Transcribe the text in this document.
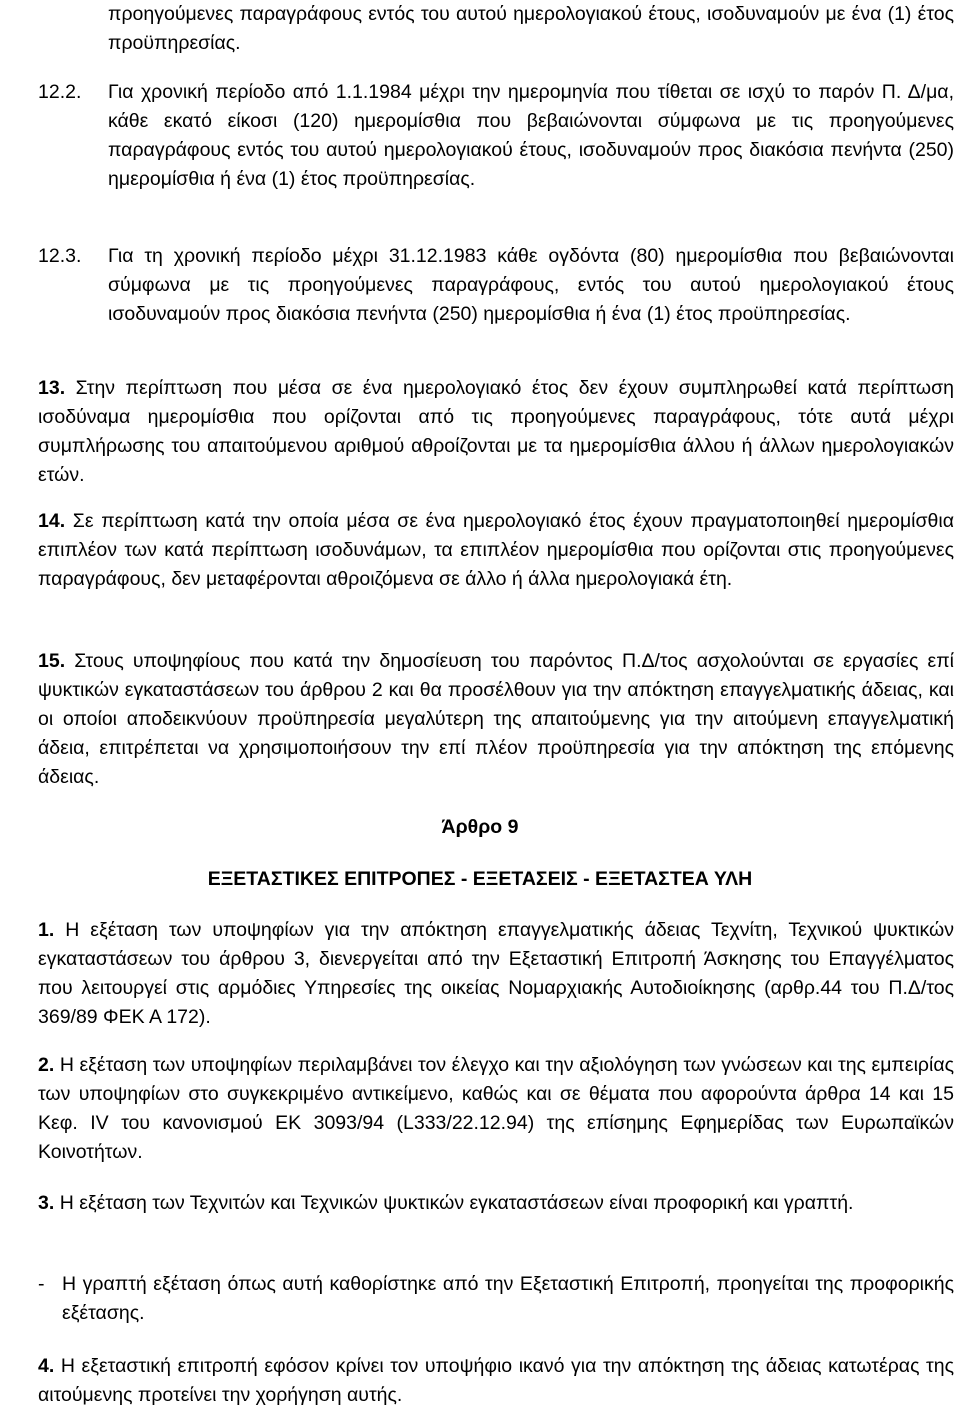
προηγούμενες παραγράφους εντός του αυτού ημερολογιακού έτους, ισοδυναμούν με ένα (1) έτος προϋπηρεσίας.

12.2.	Για χρονική περίοδο από 1.1.1984 μέχρι την ημερομηνία που τίθεται σε ισχύ το παρόν Π. Δ/μα, κάθε εκατό είκοσι (120) ημερομίσθια που βεβαιώνονται σύμφωνα με τις προηγούμενες παραγράφους εντός του αυτού ημερολογιακού έτους, ισοδυναμούν προς διακόσια πενήντα (250) ημερομίσθια ή ένα (1) έτος προϋπηρεσίας.
12.3.	Για τη χρονική περίοδο μέχρι 31.12.1983 κάθε ογδόντα (80) ημερομίσθια που βεβαιώνονται σύμφωνα με τις προηγούμενες παραγράφους, εντός του αυτού ημερολογιακού έτους ισοδυναμούν προς διακόσια πενήντα (250) ημερομίσθια ή ένα (1) έτος προϋπηρεσίας.
13. Στην περίπτωση που μέσα σε ένα ημερολογιακό έτος δεν έχουν συμπληρωθεί κατά περίπτωση ισοδύναμα ημερομίσθια που ορίζονται από τις προηγούμενες παραγράφους, τότε αυτά μέχρι συμπλήρωσης του απαιτούμενου αριθμού αθροίζονται με τα ημερομίσθια άλλου ή άλλων ημερολογιακών ετών.
14. Σε περίπτωση κατά την οποία μέσα σε ένα ημερολογιακό έτος έχουν πραγματοποιηθεί ημερομίσθια επιπλέον των κατά περίπτωση ισοδυνάμων, τα επιπλέον ημερομίσθια που ορίζονται στις προηγούμενες παραγράφους, δεν μεταφέρονται αθροιζόμενα σε άλλο ή άλλα ημερολογιακά έτη.
15. Στους υποψηφίους που κατά την δημοσίευση του παρόντος Π.Δ/τος ασχολούνται σε εργασίες επί ψυκτικών εγκαταστάσεων του άρθρου 2 και θα προσέλθουν για την απόκτηση επαγγελματικής άδειας, και οι οποίοι αποδεικνύουν προϋπηρεσία μεγαλύτερη της απαιτούμενης για την αιτούμενη επαγγελματική άδεια, επιτρέπεται να χρησιμοποιήσουν την επί πλέον προϋπηρεσία για την απόκτηση της επόμενης άδειας.

Άρθρο 9

ΕΞΕΤΑΣΤΙΚΕΣ ΕΠΙΤΡΟΠΕΣ - ΕΞΕΤΑΣΕΙΣ - ΕΞΕΤΑΣΤΕΑ ΥΛΗ

1. Η εξέταση των υποψηφίων για την απόκτηση επαγγελματικής άδειας Τεχνίτη, Τεχνικού ψυκτικών εγκαταστάσεων του άρθρου 3, διενεργείται από την Εξεταστική Επιτροπή Άσκησης του Επαγγέλματος που λειτουργεί στις αρμόδιες Υπηρεσίες της οικείας Νομαρχιακής Αυτοδιοίκησης (αρθρ.44 του Π.Δ/τος 369/89 ΦΕΚ Α 172).
2. Η εξέταση των υποψηφίων περιλαμβάνει τον έλεγχο και την αξιολόγηση των γνώσεων και της εμπειρίας των υποψηφίων στο συγκεκριμένο αντικείμενο, καθώς και σε θέματα που αφορούντα άρθρα 14 και 15 Κεφ. IV του κανονισμού ΕΚ 3093/94 (L333/22.12.94) της επίσημης Εφημερίδας των Ευρωπαϊκών Κοινοτήτων.
3. Η εξέταση των Τεχνιτών και Τεχνικών ψυκτικών εγκαταστάσεων είναι προφορική και γραπτή.
- Η γραπτή εξέταση όπως αυτή καθορίστηκε από την Εξεταστική Επιτροπή, προηγείται της προφορικής εξέτασης.
4. Η εξεταστική επιτροπή εφόσον κρίνει τον υποψήφιο ικανό για την απόκτηση της άδειας κατωτέρας της αιτούμενης προτείνει την χορήγηση αυτής.
